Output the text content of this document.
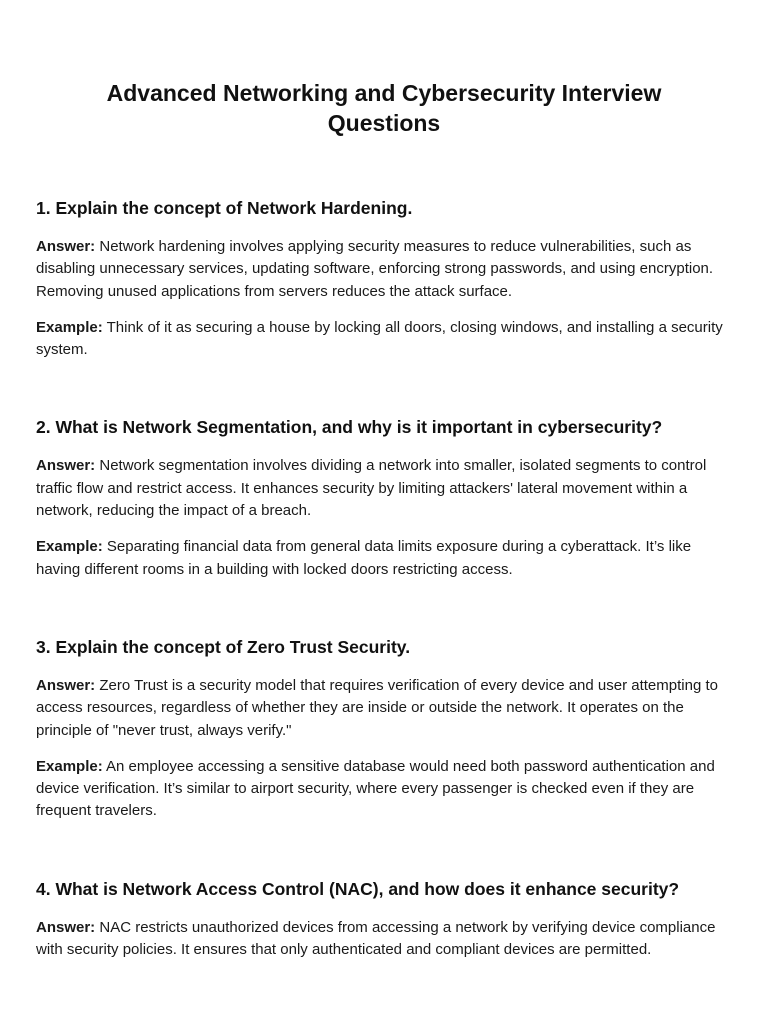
Advanced Networking and Cybersecurity Interview Questions
1. Explain the concept of Network Hardening.

Answer: Network hardening involves applying security measures to reduce vulnerabilities, such as disabling unnecessary services, updating software, enforcing strong passwords, and using encryption. Removing unused applications from servers reduces the attack surface.

Example: Think of it as securing a house by locking all doors, closing windows, and installing a security system.

2. What is Network Segmentation, and why is it important in cybersecurity?

Answer: Network segmentation involves dividing a network into smaller, isolated segments to control traffic flow and restrict access. It enhances security by limiting attackers' lateral movement within a network, reducing the impact of a breach.

Example: Separating financial data from general data limits exposure during a cyberattack. It’s like having different rooms in a building with locked doors restricting access.

3. Explain the concept of Zero Trust Security.

Answer: Zero Trust is a security model that requires verification of every device and user attempting to access resources, regardless of whether they are inside or outside the network. It operates on the principle of "never trust, always verify."

Example: An employee accessing a sensitive database would need both password authentication and device verification. It’s similar to airport security, where every passenger is checked even if they are frequent travelers.

4. What is Network Access Control (NAC), and how does it enhance security?

Answer: NAC restricts unauthorized devices from accessing a network by verifying device compliance with security policies. It ensures that only authenticated and compliant devices are permitted.
